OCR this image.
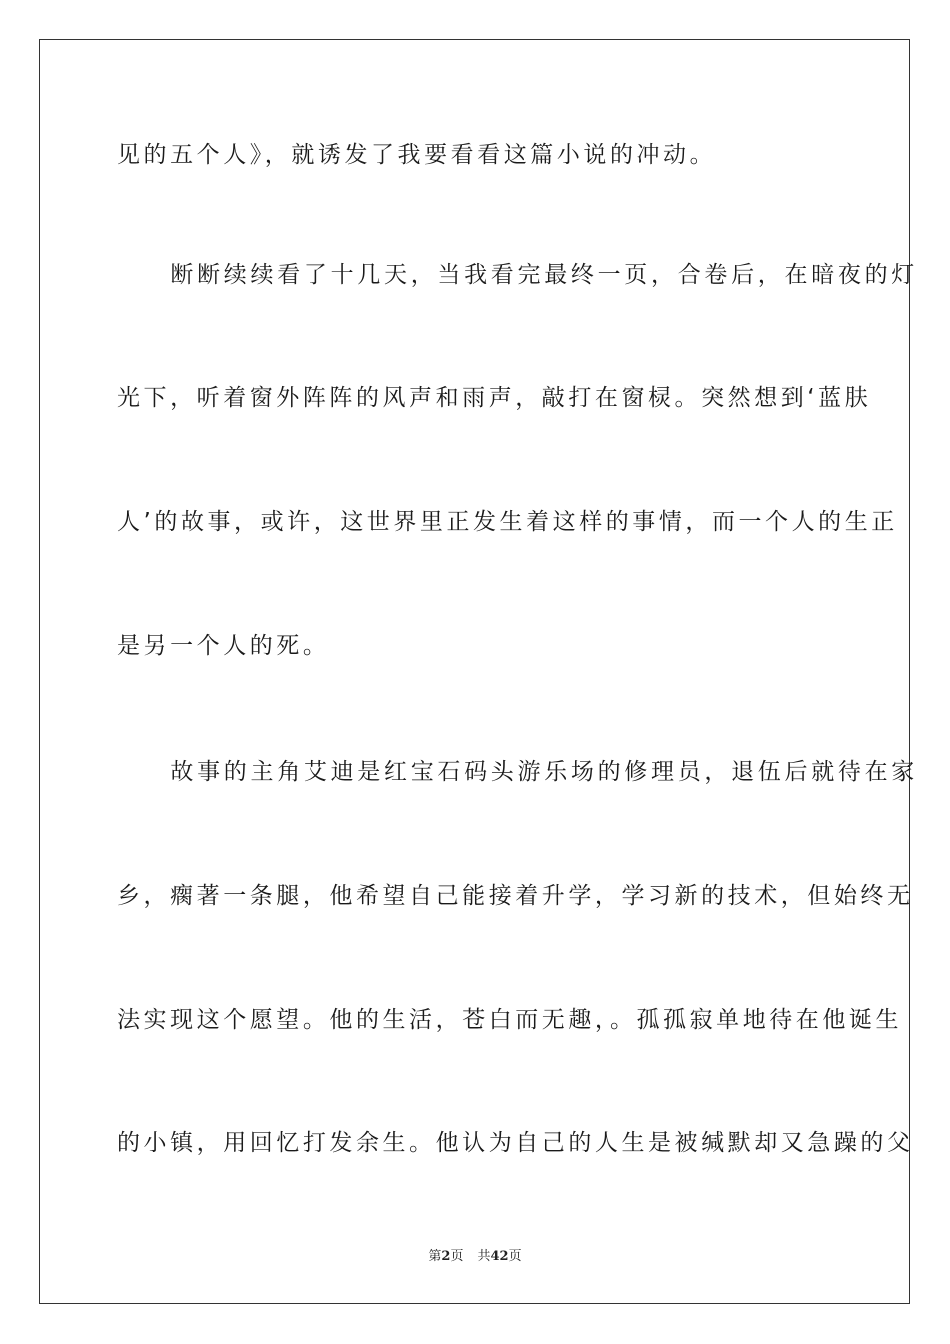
见的五个人》，就诱发了我要看看这篇小说的冲动。
　　断断续续看了十几天，当我看完最终一页，合卷后，在暗夜的灯
光下，听着窗外阵阵的风声和雨声，敲打在窗棂。突然想到‘蓝肤
人’的故事，或许，这世界里正发生着这样的事情，而一个人的生正
是另一个人的死。
　　故事的主角艾迪是红宝石码头游乐场的修理员，退伍后就待在家
乡，瘸著一条腿，他希望自己能接着升学，学习新的技术，但始终无
法实现这个愿望。他的生活，苍白而无趣，。孤孤寂单地待在他诞生
的小镇，用回忆打发余生。他认为自己的人生是被缄默却又急躁的父
第2页 共42页
